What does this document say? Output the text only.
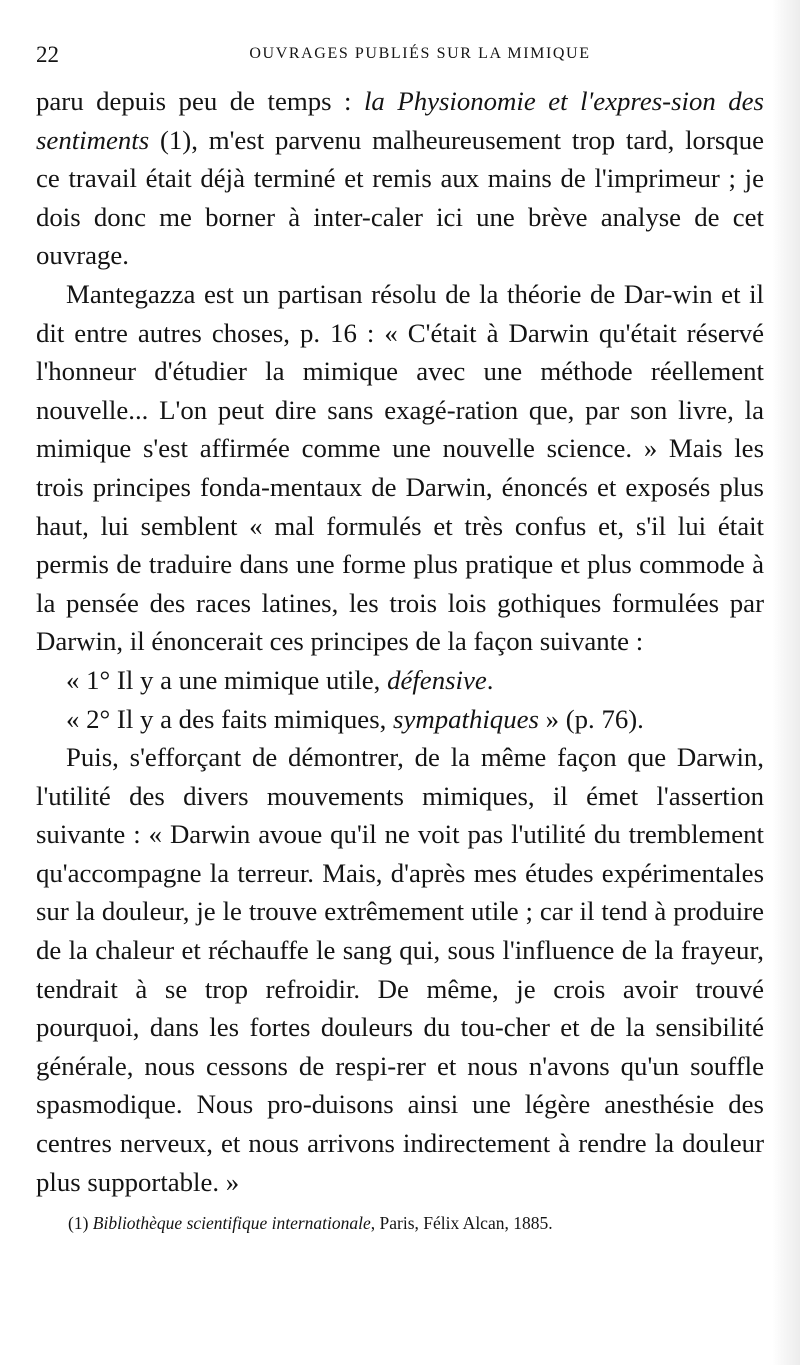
22	OUVRAGES PUBLIÉS SUR LA MIMIQUE

paru depuis peu de temps : la Physionomie et l'expres-sion des sentiments (1), m'est parvenu malheureusement trop tard, lorsque ce travail était déjà terminé et remis aux mains de l'imprimeur ; je dois donc me borner à inter-caler ici une brève analyse de cet ouvrage.

Mantegazza est un partisan résolu de la théorie de Dar-win et il dit entre autres choses, p. 16 : « C'était à Darwin qu'était réservé l'honneur d'étudier la mimique avec une méthode réellement nouvelle... L'on peut dire sans exagé-ration que, par son livre, la mimique s'est affirmée comme une nouvelle science. » Mais les trois principes fonda-mentaux de Darwin, énoncés et exposés plus haut, lui semblent « mal formulés et très confus et, s'il lui était permis de traduire dans une forme plus pratique et plus commode à la pensée des races latines, les trois lois gothiques formulées par Darwin, il énoncerait ces principes de la façon suivante :

« 1° Il y a une mimique utile, défensive.

« 2° Il y a des faits mimiques, sympathiques » (p. 76).

Puis, s'efforçant de démontrer, de la même façon que Darwin, l'utilité des divers mouvements mimiques, il émet l'assertion suivante : « Darwin avoue qu'il ne voit pas l'utilité du tremblement qu'accompagne la terreur. Mais, d'après mes études expérimentales sur la douleur, je le trouve extrêmement utile ; car il tend à produire de la chaleur et réchauffe le sang qui, sous l'influence de la frayeur, tendrait à se trop refroidir. De même, je crois avoir trouvé pourquoi, dans les fortes douleurs du tou-cher et de la sensibilité générale, nous cessons de respi-rer et nous n'avons qu'un souffle spasmodique. Nous pro-duisons ainsi une légère anesthésie des centres nerveux, et nous arrivons indirectement à rendre la douleur plus supportable. »

(1) Bibliothèque scientifique internationale, Paris, Félix Alcan, 1885.
